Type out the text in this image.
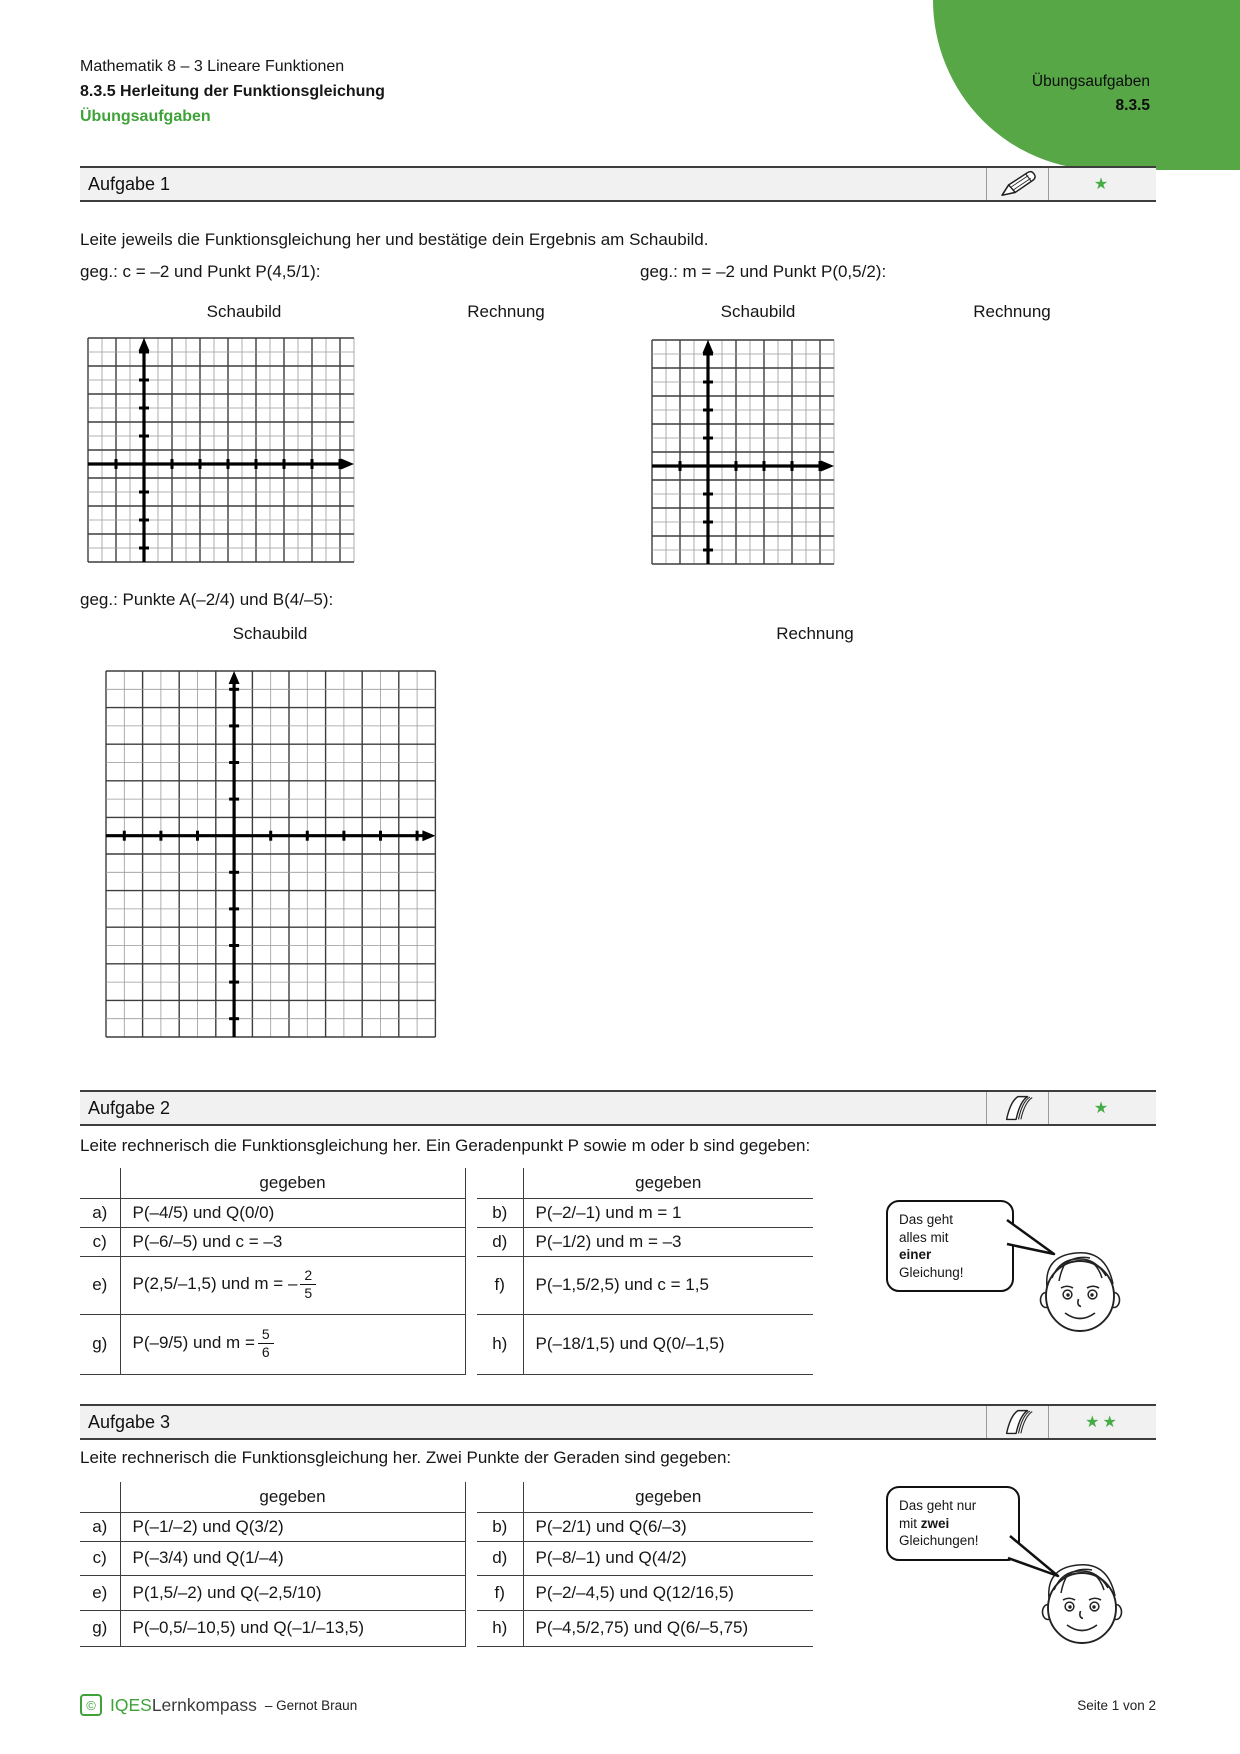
Mathematik 8 – 3 Lineare Funktionen
8.3.5 Herleitung der Funktionsgleichung
Übungsaufgaben
Übungsaufgaben
8.3.5
Aufgabe 1	★
Leite jeweils die Funktionsgleichung her und bestätige dein Ergebnis am Schaubild.
geg.: c = –2 und Punkt P(4,5/1):	geg.: m = –2 und Punkt P(0,5/2):
Schaubild	Rechnung	Schaubild	Rechnung
geg.: Punkte A(–2/4) und B(4/–5):
Schaubild	Rechnung
Aufgabe 2	★
Leite rechnerisch die Funktionsgleichung her. Ein Geradenpunkt P sowie m oder b sind gegeben:
	gegeben
a)	P(–4/5) und Q(0/0)
c)	P(–6/–5) und c = –3
e)	P(2,5/–1,5) und m = – $\frac{2}{5}$

g)	P(–9/5) und $m = \frac{5}{6}$
	gegeben
b)	P(–2/–1) und m = 1
d)	P(–1/2) und m = –3
f)	P(–1,5/2,5) und c = 1,5
h)	P(–18/1,5) und Q(0/–1,5)
Das geht
alles mit
einer
Gleichung!
Aufgabe 3	★★
Leite rechnerisch die Funktionsgleichung her. Zwei Punkte der Geraden sind gegeben:
	gegeben
a)	P(–1/–2) und Q(3/2)
c)	P(–3/4) und Q(1/–4)
e)	P(1,5/–2) und Q(–2,5/10)
g)	P(–0,5/–10,5) und Q(–1/–13,5)
	gegeben
b)	P(–2/1) und Q(6/–3)
d)	P(–8/–1) und Q(4/2)
f)	P(–2/–4,5) und Q(12/16,5)
h)	P(–4,5/2,75) und Q(6/–5,75)
Das geht nur
mit zwei
Gleichungen!
© IQES Lernkompass – Gernot Braun	Seite 1 von 2
